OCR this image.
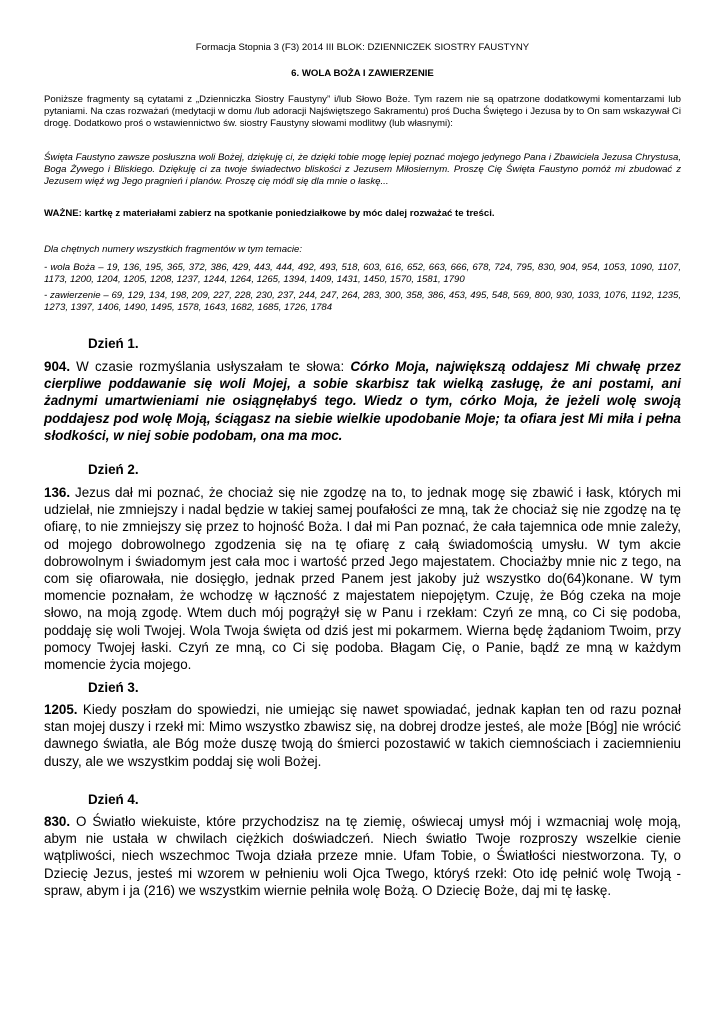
Formacja Stopnia 3 (F3) 2014 III BLOK: DZIENNICZEK SIOSTRY FAUSTYNY
6. WOLA BOŻA I ZAWIERZENIE
Poniższe fragmenty są cytatami z „Dzienniczka Siostry Faustyny” i/lub Słowo Boże. Tym razem nie są opatrzone dodatkowymi komentarzami lub pytaniami. Na czas rozważań (medytacji w domu /lub adoracji Najświętszego Sakramentu) proś Ducha Świętego i Jezusa by to On sam wskazywał Ci drogę. Dodatkowo proś o wstawiennictwo św. siostry Faustyny słowami modlitwy (lub własnymi):
Święta Faustyno zawsze posłuszna woli Bożej, dziękuję ci, że dzięki tobie mogę lepiej poznać mojego jedynego Pana i Zbawiciela Jezusa Chrystusa, Boga Żywego i Bliskiego. Dziękuję ci za twoje świadectwo bliskości z Jezusem Miłosiernym. Proszę Cię Święta Faustyno pomóż mi zbudować z Jezusem więź wg Jego pragnień i planów. Proszę cię módl się dla mnie o łaskę...
WAŻNE: kartkę z materiałami zabierz na spotkanie poniedziałkowe by móc dalej rozważać te treści.
Dla chętnych numery wszystkich fragmentów w tym temacie:
- wola Boża – 19, 136, 195, 365, 372, 386, 429, 443, 444, 492, 493, 518, 603, 616, 652, 663, 666, 678, 724, 795, 830, 904, 954, 1053, 1090, 1107, 1173, 1200, 1204, 1205, 1208, 1237, 1244, 1264, 1265, 1394, 1409, 1431, 1450, 1570, 1581, 1790
- zawierzenie – 69, 129, 134, 198, 209, 227, 228, 230, 237, 244, 247, 264, 283, 300, 358, 386, 453, 495, 548, 569, 800, 930, 1033, 1076, 1192, 1235, 1273, 1397, 1406, 1490, 1495, 1578, 1643, 1682, 1685, 1726, 1784
Dzień 1.
904. W czasie rozmyślania usłyszałam te słowa: Córko Moja, największą oddajesz Mi chwałę przez cierpliwe poddawanie się woli Mojej, a sobie skarbisz tak wielką zasługę, że ani postami, ani żadnymi umartwieniami nie osiągnęłabyś tego. Wiedz o tym, córko Moja, że jeżeli wolę swoją poddajesz pod wolę Moją, ściągasz na siebie wielkie upodobanie Moje; ta ofiara jest Mi miła i pełna słodkości, w niej sobie podobam, ona ma moc.
Dzień 2.
136. Jezus dał mi poznać, że chociaż się nie zgodzę na to, to jednak mogę się zbawić i łask, których mi udzielał, nie zmniejszy i nadal będzie w takiej samej poufałości ze mną, tak że chociaż się nie zgodzę na tę ofiarę, to nie zmniejszy się przez to hojność Boża. I dał mi Pan poznać, że cała tajemnica ode mnie zależy, od mojego dobrowolnego zgodzenia się na tę ofiarę z całą świadomością umysłu. W tym akcie dobrowolnym i świadomym jest cała moc i wartość przed Jego majestatem. Chociażby mnie nic z tego, na com się ofiarowała, nie dosięgło, jednak przed Panem jest jakoby już wszystko do(64)konane. W tym momencie poznałam, że wchodzę w łączność z majestatem niepojętym. Czuję, że Bóg czeka na moje słowo, na moją zgodę. Wtem duch mój pogrążył się w Panu i rzekłam: Czyń ze mną, co Ci się podoba, poddaję się woli Twojej. Wola Twoja święta od dziś jest mi pokarmem. Wierna będę żądaniom Twoim, przy pomocy Twojej łaski. Czyń ze mną, co Ci się podoba. Błagam Cię, o Panie, bądź ze mną w każdym momencie życia mojego.
Dzień 3.
1205. Kiedy poszłam do spowiedzi, nie umiejąc się nawet spowiadać, jednak kapłan ten od razu poznał stan mojej duszy i rzekł mi: Mimo wszystko zbawisz się, na dobrej drodze jesteś, ale może [Bóg] nie wrócić dawnego światła, ale Bóg może duszę twoją do śmierci pozostawić w takich ciemnościach i zaciemnieniu duszy, ale we wszystkim poddaj się woli Bożej.
Dzień 4.
830. O Światło wiekuiste, które przychodzisz na tę ziemię, oświecaj umysł mój i wzmacniaj wolę moją, abym nie ustała w chwilach ciężkich doświadczeń. Niech światło Twoje rozproszy wszelkie cienie wątpliwości, niech wszechmoc Twoja działa przeze mnie. Ufam Tobie, o Światłości niestworzona. Ty, o Dziecię Jezus, jesteś mi wzorem w pełnieniu woli Ojca Twego, któryś rzekł: Oto idę pełnić wolę Twoją - spraw, abym i ja (216) we wszystkim wiernie pełniła wolę Bożą. O Dziecię Boże, daj mi tę łaskę.
